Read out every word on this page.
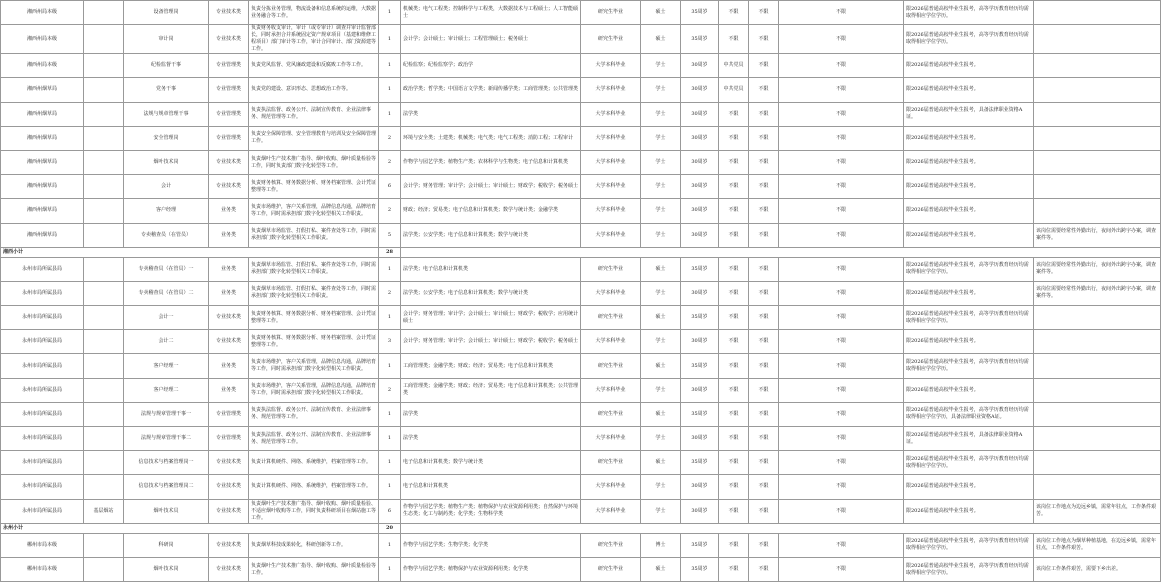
湘西州局本级		设备管理岗	专业技术类	负责分拣业务管理，物流设备和信息系统的运维，大数据业务融合等工作。	1	机械类；电气工程类；控制科学与工程类，大数据技术与工程硕士；人工智能硕士	研究生毕业	硕士	35周岁	不限	不限	不限	限2026届普通高校毕业生报考，高等学历教育经历均需取得相应学位学历。	
湘西州局本级		审计岗	专业技术类	负责财务收支审计，审计（或专审计）调查并审计监督部长，同时承担合并系统固定资产规章项目（基建和维修工程项目）部门审计等工作，审计合同审计、部门资源建等工作。	1	会计学；会计硕士；审计硕士；工程管理硕士；税务硕士	研究生毕业	硕士	35周岁	不限	不限	不限	限2026届普通高校毕业生报考，高等学历教育经历均需取得相应学位学历。	
湘西州局本级		纪检监督干事	专业管理类	负责党风监督、党风廉政建设和反腐败工作等工作。	1	纪检监察；纪检监察学；政治学	大学本科毕业	学士	30周岁	中共党员	不限	不限	限2026届普通高校毕业生报考。	
湘西州烟草局		党务干事	专业管理类	负责党的建设、意识形态、思想政治工作等。	1	政治学类；哲学类；中国语言文学类；新闻传播学类；工商管理类；公共管理类	大学本科毕业	学士	30周岁	中共党员	不限	不限	限2026届普通高校毕业生报考。	
湘西州烟草局		法规与规章管理干事	专业管理类	负责执法监督、政务公开、法制宣传教育、企业法律事务、规范管理等工作。	1	法学类	大学本科毕业	学士	30周岁	不限	不限	不限	限2026届普通高校毕业生报考，具备法律职业资格A证。	
湘西州烟草局		安全管理岗	专业管理类	负责安全保障管理、安全管理教育与培训及安全保障管理工作。	2	环境与安全类；土建类；机械类；电气类；电气工程类；消防工程；工程审计	大学本科毕业	学士	30周岁	不限	不限	不限	限2026届普通高校毕业生报考。	
湘西州烟草局		烟叶技术岗	专业技术类	负责烟叶生产技术推广指导、烟叶收购、烟叶质量检验等工作，同时负责部门数字化转型等工作。	2	作物学与园艺学类；植物生产类；农林科学与生物类；电子信息和计算机类	大学本科毕业	学士	30周岁	不限	不限	不限	限2026届普通高校毕业生报考。	
湘西州烟草局		会计	专业技术类	负责财务核算、财务数据分析、财务档案管理、会计凭证整理等工作。	6	会计学；财务管理；审计学；会计硕士；审计硕士；财政学；税收学；税务硕士	大学本科毕业	学士	30周岁	不限	不限	不限	限2026届普通高校毕业生报考。	
湘西州烟草局		客户经理	业务类	负责市场维护，客户关系管理，品牌信息沟通，品牌培育等工作，同时需承担部门数字化转型相关工作职责。	2	财政；经济；贸易类；电子信息和计算机类；数学与统计类；金融学类	大学本科毕业	学士	30周岁	不限	不限	不限	限2026届普通高校毕业生报考。	
湘西州烟草局		专卖稽查员（在管员）	业务类	负责烟草市场监管、打假打私、案件查处等工作，同时需承担部门数字化转型相关工作职责。	5	法学类；公安学类；电子信息和计算机类；数学与统计类	大学本科毕业	学士	30周岁	不限	不限	不限	限2026届普通高校毕业生报考。	该岗位需要经常性外勤出行，夜间外出跨宇办案，调查案件等。
湘西小计					28									
永州市局所属县局		专卖稽查员（在管员）一	业务类	负责烟草市场监管、打假打私、案件查处等工作，同时需承担部门数字化转型相关工作职责。	1	法学类；电子信息和计算机类	研究生毕业	硕士	35周岁	不限	不限	不限	限2026届普通高校毕业生报考，高等学历教育经历均需取得相应学位学历。	该岗位需要经常性外勤出行，夜间外出跨宇办案，调查案件等。
永州市局所属县局		专卖稽查员（在管员）二	业务类	负责烟草市场监管、打假打私、案件查处等工作，同时需承担部门数字化转型相关工作职责。	2	法学类；公安学类；电子信息和计算机类；数学与统计类	大学本科毕业	学士	30周岁	不限	不限	不限	限2026届普通高校毕业生报考。	该岗位需要经常性外勤出行，夜间外出跨宇办案，调查案件等。
永州市局所属县局		会计一	专业技术类	负责财务核算、财务数据分析、财务档案管理、会计凭证整理等工作。	1	会计学；财务管理；审计学；会计硕士；审计硕士；财政学；税收学；应用统计硕士	研究生毕业	硕士	35周岁	不限	不限	不限	限2026届普通高校毕业生报考，高等学历教育经历均需取得相应学位学历。	
永州市局所属县局		会计二	专业技术类	负责财务核算、财务数据分析、财务档案管理、会计凭证整理等工作。	3	会计学；财务管理；审计学；会计硕士；审计硕士；财政学；税收学；税务硕士	大学本科毕业	学士	30周岁	不限	不限	不限	限2026届普通高校毕业生报考。	
永州市局所属县局		客户经理一	业务类	负责市场维护，客户关系管理，品牌信息沟通，品牌培育等工作，同时需承担部门数字化转型相关工作职责。	1	工商管理类；金融学类；财政；经济；贸易类；电子信息和计算机类	研究生毕业	硕士	35周岁	不限	不限	不限	限2026届普通高校毕业生报考，高等学历教育经历均需取得相应学位学历。	
永州市局所属县局		客户经理二	业务类	负责市场维护，客户关系管理，品牌信息沟通，品牌培育等工作，同时需承担部门数字化转型相关工作职责。	2	工商管理类；金融学类；财政；经济；贸易类；电子信息和计算机类；公共管理类	大学本科毕业	学士	30周岁	不限	不限	不限	限2026届普通高校毕业生报考。	
永州市局所属县局		法规与规章管理干事一	专业管理类	负责执法监督、政务公开、法制宣传教育、企业法律事务、规范管理等工作。	1	法学类	研究生毕业	硕士	35周岁	不限	不限	不限	限2026届普通高校毕业生报考，高等学历教育经历均需取得相应学位学历，具备法律职业资格A证。	
永州市局所属县局		法规与规章管理干事二	专业管理类	负责执法监督、政务公开、法制宣传教育、企业法律事务、规范管理等工作。	1	法学类	大学本科毕业	学士	30周岁	不限	不限	不限	限2026届普通高校毕业生报考，具备法律职业资格A证。	
永州市局所属县局		信息技术与档案管理岗一	专业技术类	负责计算机硬件、网络、系统维护，档案管理等工作。	1	电子信息和计算机类；数学与统计类	研究生毕业	硕士	35周岁	不限	不限	不限	限2026届普通高校毕业生报考，高等学历教育经历均需取得相应学位学历。	
永州市局所属县局		信息技术与档案管理岗二	专业技术类	负责计算机硬件、网络、系统维护，档案管理等工作。	1	电子信息和计算机类	大学本科毕业	学士	30周岁	不限	不限	不限	限2026届普通高校毕业生报考。	
永州市局所属县局	基层烟站	烟叶技术员	专业技术类	负责烟叶生产技术推广指导、烟叶收购、烟叶质量检验、不适应烟叶收购等工作，同时负责科研项目在烟站施工等工作。	6	作物学与园艺学类；植物生产类；植物保护与农业资源利用类；自然保护与环境生态类；化工与制药类；化学类；生物科学类	大学本科毕业	学士	30周岁	不限	不限	不限	限2026届普通高校毕业生报考。	该岗位工作地点为边远乡镇，需常年驻点，工作条件艰苦。
永州小计					20									
郴州市局本级		科研岗	专业技术类	负责烟草科技成果转化，科研创新等工作。	1	作物学与园艺学类；生物学类；化学类	研究生毕业	博士	35周岁	不限	不限	不限	限2026届普通高校毕业生报考，高等学历教育经历均需取得相应学位学历。	该岗位工作地点为烟草种植基地，在边远乡镇，需常年驻点，工作条件艰苦。
郴州市局本级		烟叶技术岗	专业技术类	负责烟叶生产技术推广指导、烟叶收购、烟叶质量检验等工作。	1	作物学与园艺学类；植物保护与农业资源利用类；化学类	研究生毕业	硕士	35周岁	不限	不限	不限	限2026届普通高校毕业生报考，高等学历教育经历均需取得相应学位学历。	该岗位工作条件艰苦，需要下乡出差。
